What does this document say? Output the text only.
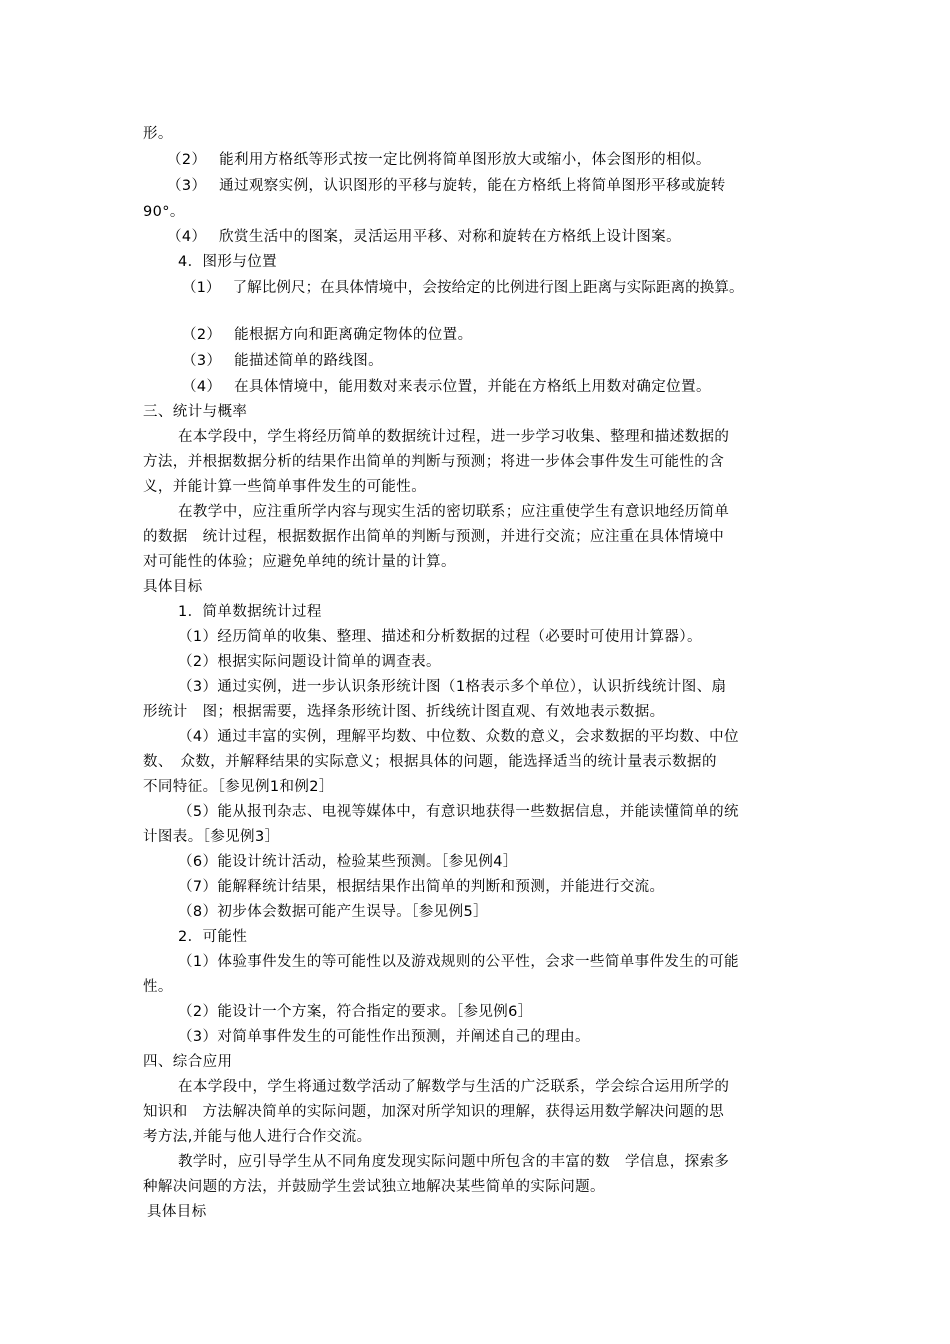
形。
（2）　 能利用方格纸等形式按一定比例将简单图形放大或缩小，体会图形的相似。
（3）　 通过观察实例，认识图形的平移与旋转，能在方格纸上将简单图形平移或旋转
90°。
（4）　 欣赏生活中的图案，灵活运用平移、对称和旋转在方格纸上设计图案。
4．图形与位置
（1）　 了解比例尺；在具体情境中，会按给定的比例进行图上距离与实际距离的换算。
（2）　 能根据方向和距离确定物体的位置。
（3）　 能描述简单的路线图。
（4）　 在具体情境中，能用数对来表示位置，并能在方格纸上用数对确定位置。
三、统计与概率
在本学段中，学生将经历简单的数据统计过程，进一步学习收集、整理和描述数据的
方法，并根据数据分析的结果作出简单的判断与预测；将进一步体会事件发生可能性的含
义，并能计算一些简单事件发生的可能性。
在教学中，应注重所学内容与现实生活的密切联系；应注重使学生有意识地经历简单
的数据　统计过程，根据数据作出简单的判断与预测，并进行交流；应注重在具体情境中
对可能性的体验；应避免单纯的统计量的计算。
具体目标
1．简单数据统计过程
（1）经历简单的收集、整理、描述和分析数据的过程（必要时可使用计算器）。
（2）根据实际问题设计简单的调查表。
（3）通过实例，进一步认识条形统计图（1格表示多个单位），认识折线统计图、扇
形统计　图；根据需要，选择条形统计图、折线统计图直观、有效地表示数据。
（4）通过丰富的实例，理解平均数、中位数、众数的意义，会求数据的平均数、中位
数、　众数，并解释结果的实际意义；根据具体的问题，能选择适当的统计量表示数据的
不同特征。［参见例1和例2］
（5）能从报刊杂志、电视等媒体中，有意识地获得一些数据信息，并能读懂简单的统
计图表。［参见例3］
（6）能设计统计活动，检验某些预测。［参见例4］
（7）能解释统计结果，根据结果作出简单的判断和预测，并能进行交流。
（8）初步体会数据可能产生误导。［参见例5］
2．可能性
（1）体验事件发生的等可能性以及游戏规则的公平性，会求一些简单事件发生的可能
性。
（2）能设计一个方案，符合指定的要求。［参见例6］
（3）对简单事件发生的可能性作出预测，并阐述自己的理由。
四、综合应用
在本学段中，学生将通过数学活动了解数学与生活的广泛联系，学会综合运用所学的
知识和　方法解决简单的实际问题，加深对所学知识的理解，获得运用数学解决问题的思
考方法,并能与他人进行合作交流。
教学时，应引导学生从不同角度发现实际问题中所包含的丰富的数　学信息，探索多
种解决问题的方法，并鼓励学生尝试独立地解决某些简单的实际问题。
具体目标
